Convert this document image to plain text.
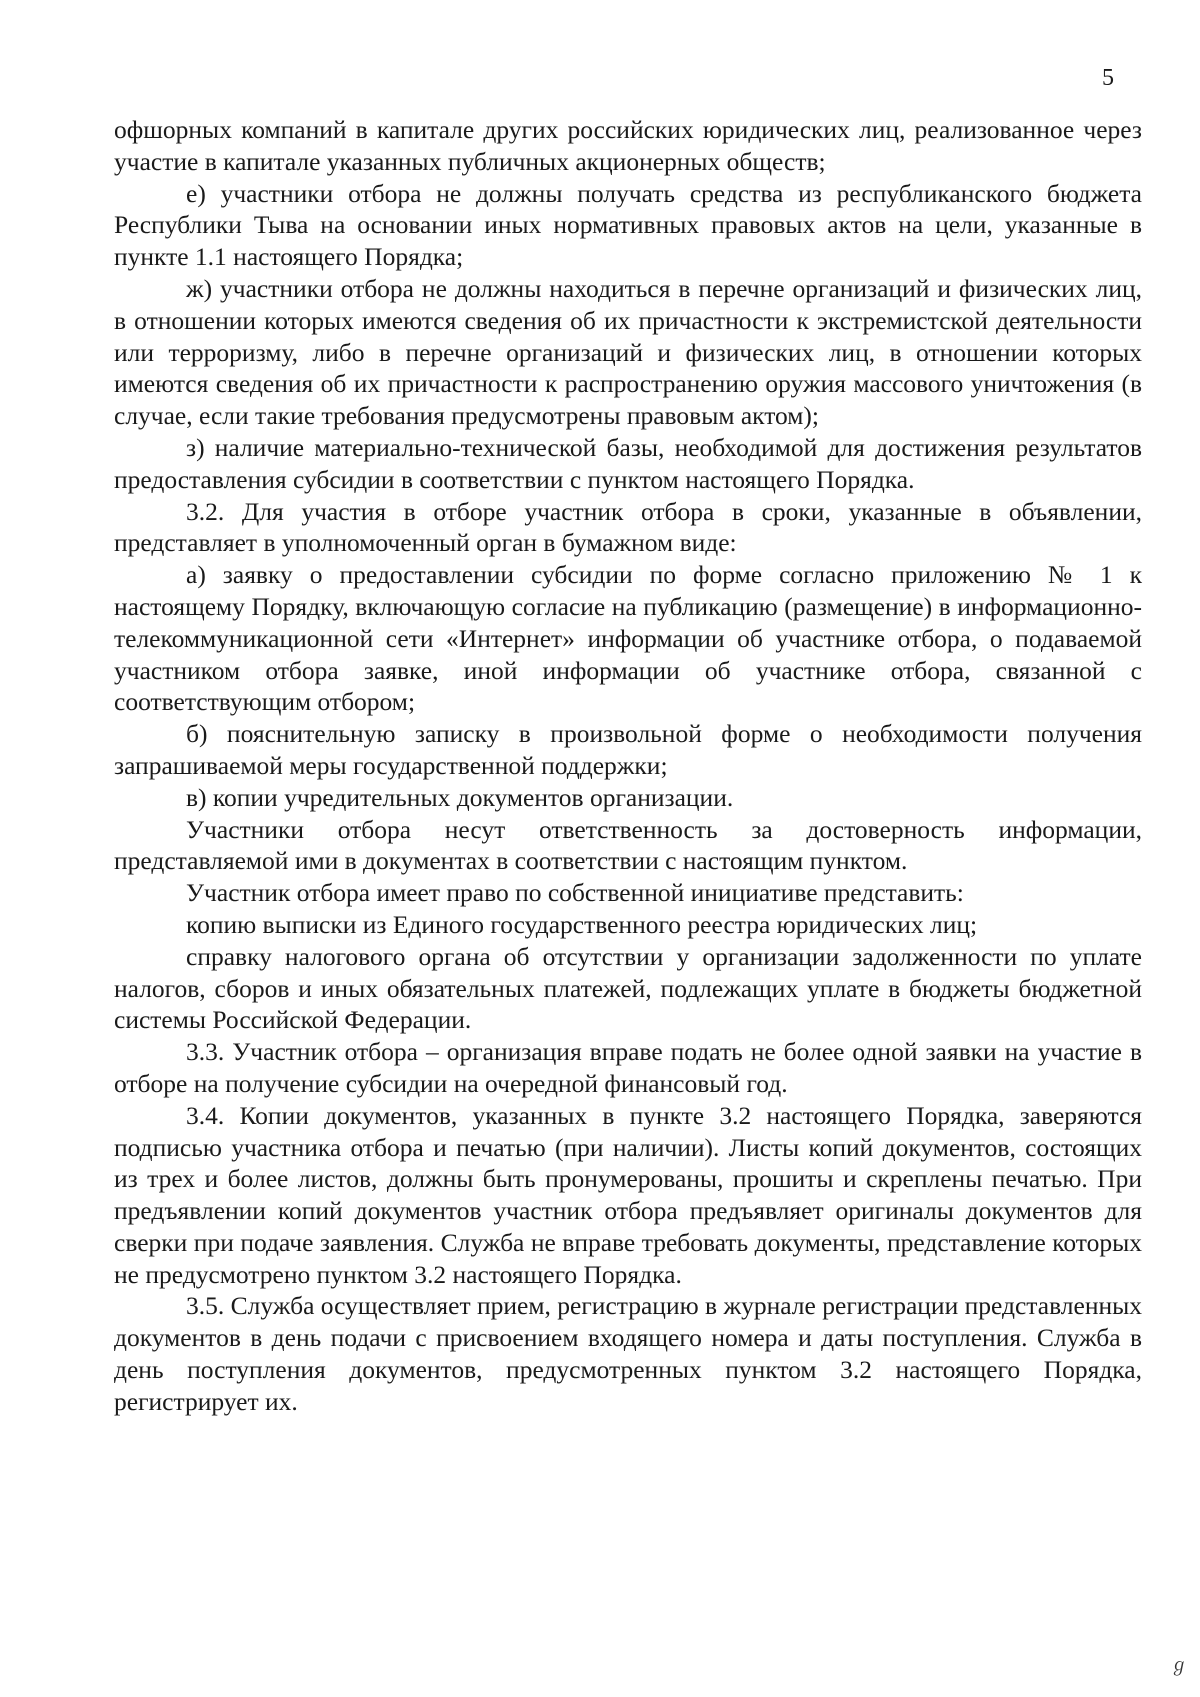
5

офшорных компаний в капитале других российских юридических лиц, реализованное через участие в капитале указанных публичных акционерных обществ;

е) участники отбора не должны получать средства из республиканского бюджета Республики Тыва на основании иных нормативных правовых актов на цели, указанные в пункте 1.1 настоящего Порядка;

ж) участники отбора не должны находиться в перечне организаций и физических лиц, в отношении которых имеются сведения об их причастности к экстремистской деятельности или терроризму, либо в перечне организаций и физических лиц, в отношении которых имеются сведения об их причастности к распространению оружия массового уничтожения (в случае, если такие требования предусмотрены правовым актом);

з) наличие материально-технической базы, необходимой для достижения результатов предоставления субсидии в соответствии с пунктом настоящего Порядка.

3.2. Для участия в отборе участник отбора в сроки, указанные в объявлении, представляет в уполномоченный орган в бумажном виде:

а) заявку о предоставлении субсидии по форме согласно приложению № 1 к настоящему Порядку, включающую согласие на публикацию (размещение) в информационно-телекоммуникационной сети «Интернет» информации об участнике отбора, о подаваемой участником отбора заявке, иной информации об участнике отбора, связанной с соответствующим отбором;

б) пояснительную записку в произвольной форме о необходимости получения запрашиваемой меры государственной поддержки;

в) копии учредительных документов организации.

Участники отбора несут ответственность за достоверность информации, представляемой ими в документах в соответствии с настоящим пунктом.

Участник отбора имеет право по собственной инициативе представить:

копию выписки из Единого государственного реестра юридических лиц;

справку налогового органа об отсутствии у организации задолженности по уплате налогов, сборов и иных обязательных платежей, подлежащих уплате в бюджеты бюджетной системы Российской Федерации.

3.3. Участник отбора – организация вправе подать не более одной заявки на участие в отборе на получение субсидии на очередной финансовый год.

3.4. Копии документов, указанных в пункте 3.2 настоящего Порядка, заверяются подписью участника отбора и печатью (при наличии). Листы копий документов, состоящих из трех и более листов, должны быть пронумерованы, прошиты и скреплены печатью. При предъявлении копий документов участник отбора предъявляет оригиналы документов для сверки при подаче заявления. Служба не вправе требовать документы, представление которых не предусмотрено пунктом 3.2 настоящего Порядка.

3.5. Служба осуществляет прием, регистрацию в журнале регистрации представленных документов в день подачи с присвоением входящего номера и даты поступления. Служба в день поступления документов, предусмотренных пунктом 3.2 настоящего Порядка, регистрирует их.

ℊ
